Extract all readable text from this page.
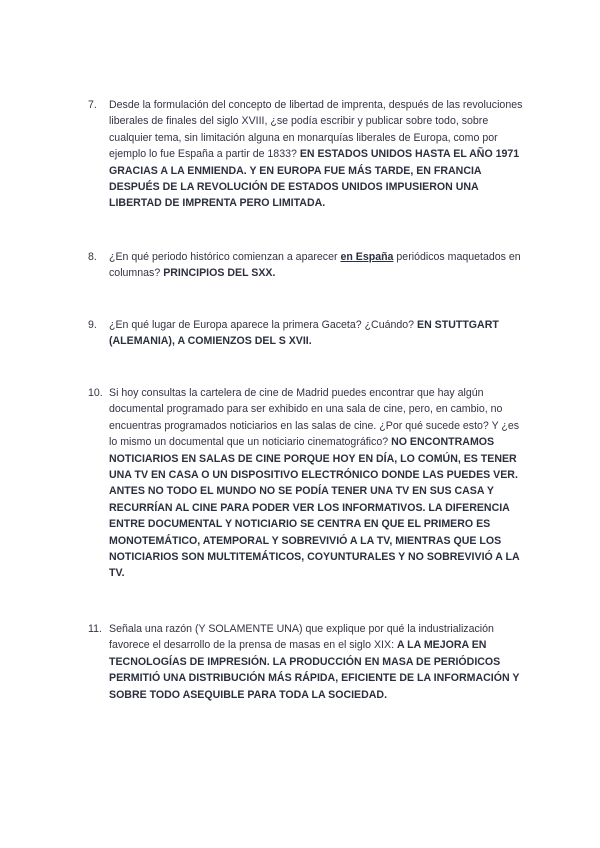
7.	Desde la formulación del concepto de libertad de imprenta, después de las revoluciones liberales de finales del siglo XVIII, ¿se podía escribir y publicar sobre todo, sobre cualquier tema, sin limitación alguna en monarquías liberales de Europa, como por ejemplo lo fue España a partir de 1833? EN ESTADOS UNIDOS HASTA EL AÑO 1971 GRACIAS A LA ENMIENDA. Y EN EUROPA FUE MÁS TARDE, EN FRANCIA DESPUÉS DE LA REVOLUCIÓN DE ESTADOS UNIDOS IMPUSIERON UNA LIBERTAD DE IMPRENTA PERO LIMITADA.
8.	¿En qué periodo histórico comienzan a aparecer en España periódicos maquetados en columnas? PRINCIPIOS DEL SXX.
9.	¿En qué lugar de Europa aparece la primera Gaceta? ¿Cuándo? EN STUTTGART (ALEMANIA), A COMIENZOS DEL S XVII.
10. Si hoy consultas la cartelera de cine de Madrid puedes encontrar que hay algún documental programado para ser exhibido en una sala de cine, pero, en cambio, no encuentras programados noticiarios en las salas de cine. ¿Por qué sucede esto? Y ¿es lo mismo un documental que un noticiario cinematográfico? NO ENCONTRAMOS NOTICIARIOS EN SALAS DE CINE PORQUE HOY EN DÍA, LO COMÚN, ES TENER UNA TV EN CASA O UN DISPOSITIVO ELECTRÓNICO DONDE LAS PUEDES VER. ANTES NO TODO EL MUNDO NO SE PODÍA TENER UNA TV EN SUS CASA Y RECURRÍAN AL CINE PARA PODER VER LOS INFORMATIVOS. LA DIFERENCIA ENTRE DOCUMENTAL Y NOTICIARIO SE CENTRA EN QUE EL PRIMERO ES MONOTEMÁTICO, ATEMPORAL Y SOBREVIVIÓ A LA TV, MIENTRAS QUE LOS NOTICIARIOS SON MULTITEMÁTICOS, COYUNTURALES Y NO SOBREVIVIÓ A LA TV.
11. Señala una razón (Y SOLAMENTE UNA) que explique por qué la industrialización favorece el desarrollo de la prensa de masas en el siglo XIX: A LA MEJORA EN TECNOLOGÍAS DE IMPRESIÓN. LA PRODUCCIÓN EN MASA DE PERIÓDICOS PERMITIÓ UNA DISTRIBUCIÓN MÁS RÁPIDA, EFICIENTE DE LA INFORMACIÓN Y SOBRE TODO ASEQUIBLE PARA TODA LA SOCIEDAD.
